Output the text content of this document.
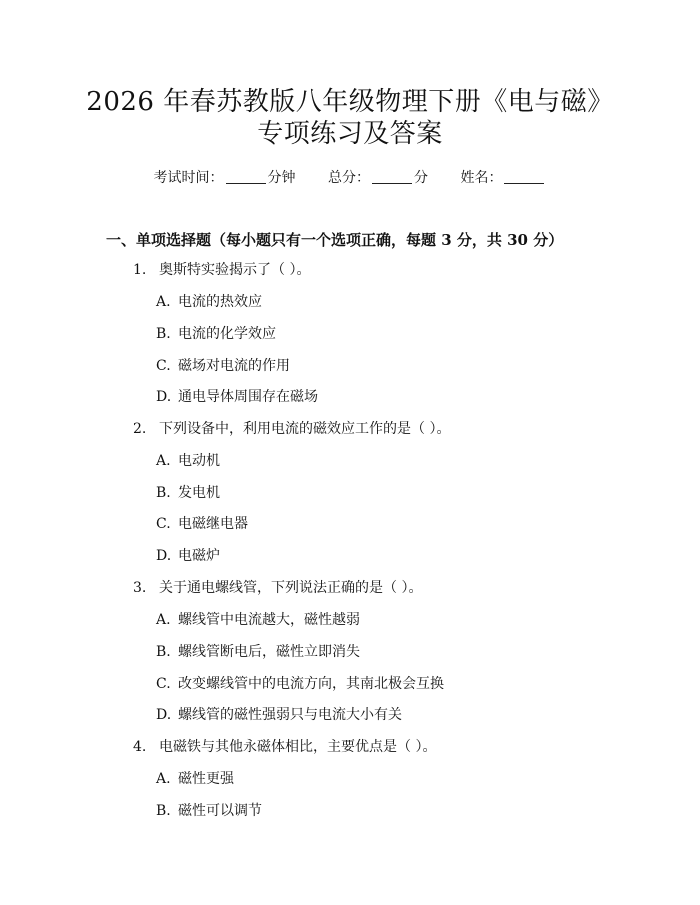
2026 年春苏教版八年级物理下册《电与磁》
专项练习及答案
考试时间：	分钟 总分：	分 姓名：
一、单项选择题（每小题只有一个选项正确，每题 3 分，共 30 分）
1. 奥斯特实验揭示了（ ）。
A. 电流的热效应
B. 电流的化学效应
C. 磁场对电流的作用
D. 通电导体周围存在磁场
2. 下列设备中，利用电流的磁效应工作的是（ ）。
A. 电动机
B. 发电机
C. 电磁继电器
D. 电磁炉
3. 关于通电螺线管，下列说法正确的是（ ）。
A. 螺线管中电流越大，磁性越弱
B. 螺线管断电后，磁性立即消失
C. 改变螺线管中的电流方向，其南北极会互换
D. 螺线管的磁性强弱只与电流大小有关
4. 电磁铁与其他永磁体相比，主要优点是（ ）。
A. 磁性更强
B. 磁性可以调节
